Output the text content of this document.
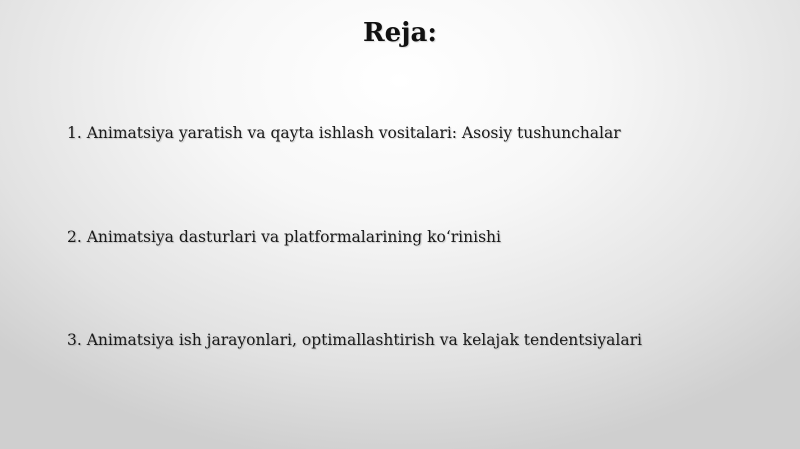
Reja:

1. Animatsiya yaratish va qayta ishlash vositalari: Asosiy tushunchalar

2. Animatsiya dasturlari va platformalarining ko‘rinishi

3. Animatsiya ish jarayonlari, optimallashtirish va kelajak tendentsiyalari
